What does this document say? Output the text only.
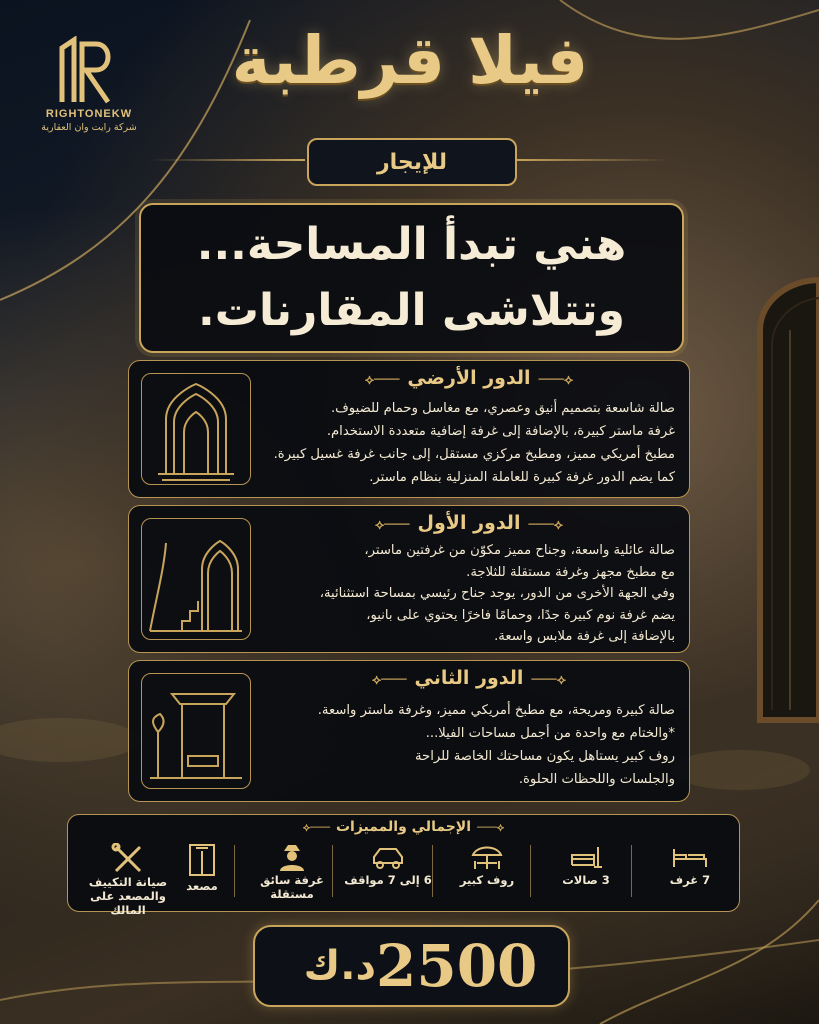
RIGHTONEKW
شركة رايت وان العقارية
فيلا قرطبة
للإيجار
هني تبدأ المساحة...
وتتلاشى المقارنات.
⟡───الدور الأرضي───⟡
صالة شاسعة بتصميم أنيق وعصري، مع مغاسل وحمام للضيوف.
غرفة ماستر كبيرة، بالإضافة إلى غرفة إضافية متعددة الاستخدام.
مطبخ أمريكي مميز، ومطبخ مركزي مستقل، إلى جانب غرفة غسيل كبيرة.
كما يضم الدور غرفة كبيرة للعاملة المنزلية بنظام ماستر.
⟡───الدور الأول───⟡
صالة عائلية واسعة، وجناح مميز مكوّن من غرفتين ماستر،
مع مطبخ مجهز وغرفة مستقلة للثلاجة.
وفي الجهة الأخرى من الدور، يوجد جناح رئيسي بمساحة استثنائية،
يضم غرفة نوم كبيرة جدًا، وحمامًا فاخرًا يحتوي على بانيو،
بالإضافة إلى غرفة ملابس واسعة.
⟡───الدور الثاني───⟡
صالة كبيرة ومريحة، مع مطبخ أمريكي مميز، وغرفة ماستر واسعة.
*والختام مع واحدة من أجمل مساحات الفيلا...
روف كبير يستاهل يكون مساحتك الخاصة للراحة
والجلسات واللحظات الحلوة.
⟡───الإجمالي والمميزات───⟡
7 غرف
3 صالات
روف كبير
6 إلى 7 مواقف
غرفة سائق مستقلة
مصعد
صيانة التكييف والمصعد على المالك
2500
د.ك
